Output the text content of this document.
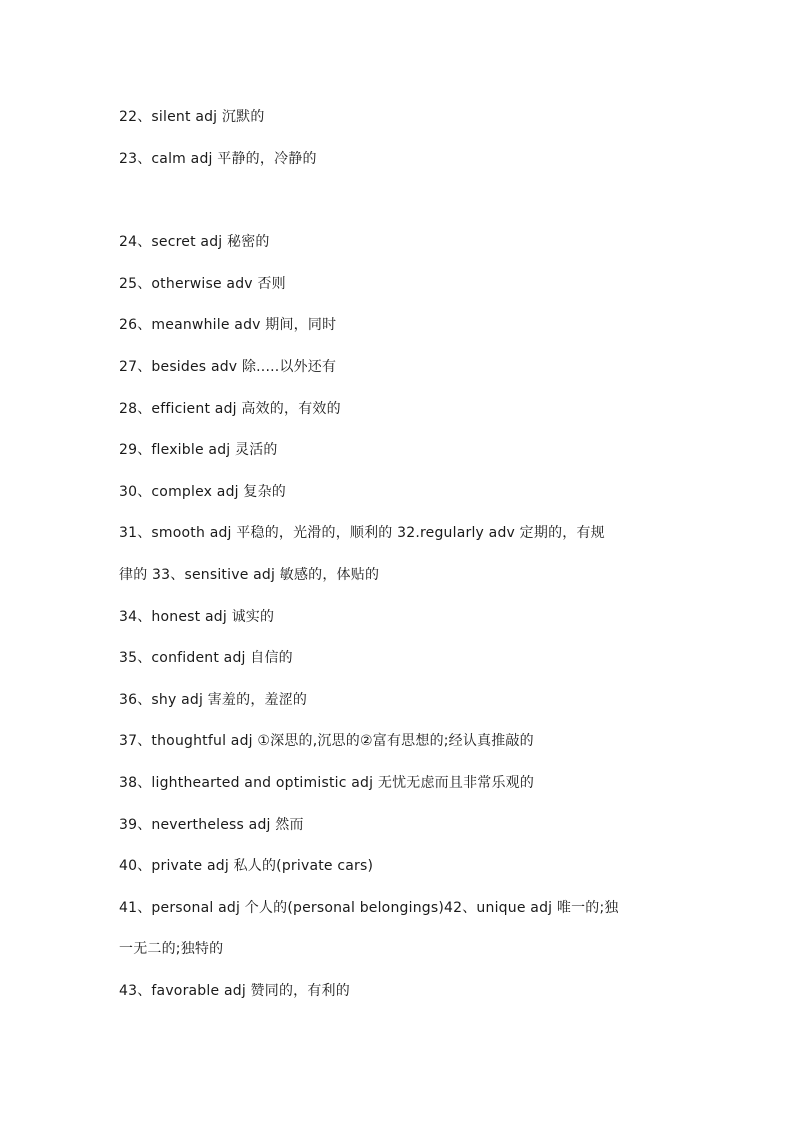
22、silent adj 沉默的
23、calm adj 平静的，冷静的
24、secret adj 秘密的
25、otherwise adv 否则
26、meanwhile adv 期间，同时
27、besides adv 除.....以外还有
28、efficient adj 高效的，有效的
29、flexible adj 灵活的
30、complex adj 复杂的
31、smooth adj 平稳的，光滑的，顺利的 32.regularly adv 定期的，有规
律的 33、sensitive adj 敏感的，体贴的
34、honest adj 诚实的
35、confident adj 自信的
36、shy adj 害羞的，羞涩的
37、thoughtful adj ①深思的,沉思的②富有思想的;经认真推敲的
38、lighthearted and optimistic adj 无忧无虑而且非常乐观的
39、nevertheless adj 然而
40、private adj 私人的(private cars)
41、personal adj 个人的(personal belongings)42、unique adj 唯一的;独
一无二的;独特的
43、favorable adj 赞同的，有利的
